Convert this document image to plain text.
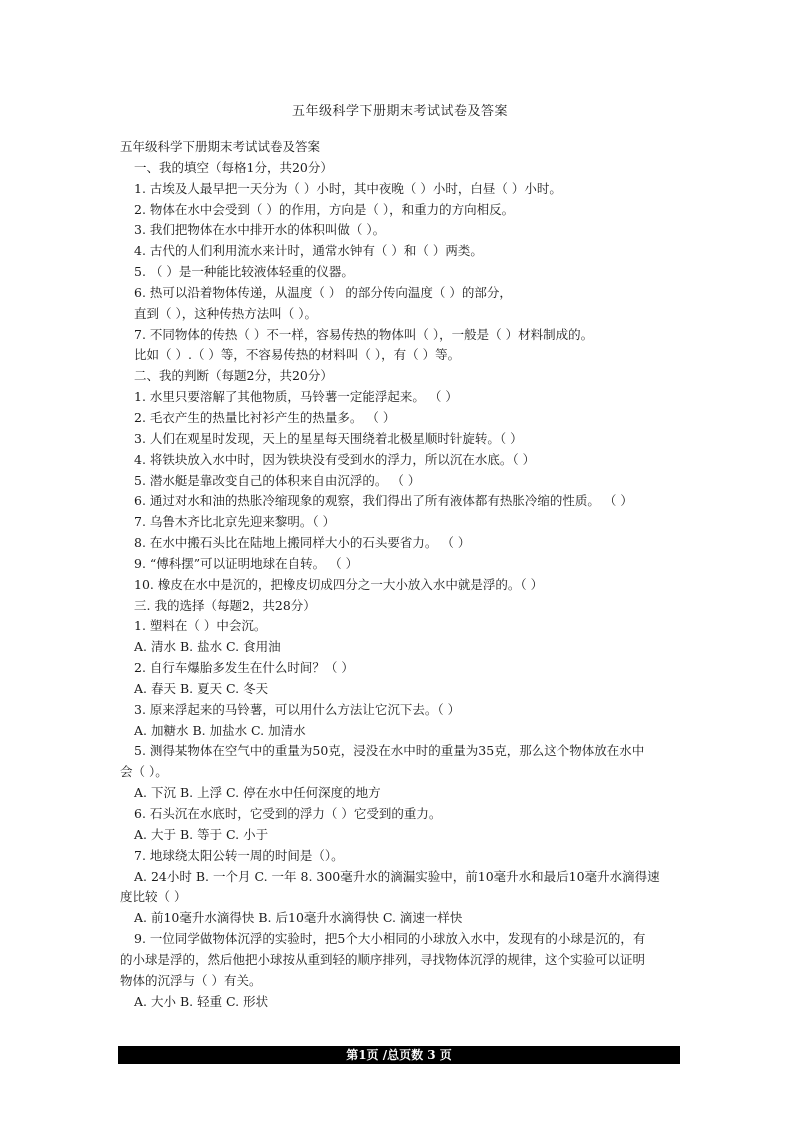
五年级科学下册期末考试试卷及答案
五年级科学下册期末考试试卷及答案
一、我的填空（每格1分，共20分）
1. 古埃及人最早把一天分为（ ）小时，其中夜晚（ ）小时，白昼（ ）小时。
2. 物体在水中会受到（ ）的作用，方向是（ ），和重力的方向相反。
3. 我们把物体在水中排开水的体积叫做（ ）。
4. 古代的人们利用流水来计时，通常水钟有（ ）和（ ）两类。
5. （ ）是一种能比较液体轻重的仪器。
6. 热可以沿着物体传递，从温度（ ） 的部分传向温度（ ）的部分，
直到（ ），这种传热方法叫（ ）。
7. 不同物体的传热（ ）不一样，容易传热的物体叫（ ），一般是（ ）材料制成的。
比如（ ）.（ ）等，不容易传热的材料叫（ ），有（ ）等。
二、我的判断（每题2分，共20分）
1. 水里只要溶解了其他物质，马铃薯一定能浮起来。 （ ）
2. 毛衣产生的热量比衬衫产生的热量多。 （ ）
3. 人们在观星时发现，天上的星星每天围绕着北极星顺时针旋转。（ ）
4. 将铁块放入水中时，因为铁块没有受到水的浮力，所以沉在水底。（ ）
5. 潜水艇是靠改变自己的体积来自由沉浮的。 （ ）
6. 通过对水和油的热胀冷缩现象的观察，我们得出了所有液体都有热胀冷缩的性质。 （ ）
7. 乌鲁木齐比北京先迎来黎明。（ ）
8. 在水中搬石头比在陆地上搬同样大小的石头要省力。 （ ）
9. “傅科摆”可以证明地球在自转。 （ ）
10. 橡皮在水中是沉的，把橡皮切成四分之一大小放入水中就是浮的。（ ）
三. 我的选择（每题2，共28分）
1. 塑料在（ ）中会沉。
A. 清水 B. 盐水 C. 食用油
2. 自行车爆胎多发生在什么时间？（ ）
A. 春天 B. 夏天 C. 冬天
3. 原来浮起来的马铃薯，可以用什么方法让它沉下去。（ ）
A. 加糖水 B. 加盐水 C. 加清水
5. 测得某物体在空气中的重量为50克，浸没在水中时的重量为35克，那么这个物体放在水中
会（ ）。
A. 下沉 B. 上浮 C. 停在水中任何深度的地方
6. 石头沉在水底时，它受到的浮力（ ）它受到的重力。
A. 大于 B. 等于 C. 小于
7. 地球绕太阳公转一周的时间是（）。
A. 24小时 B. 一个月 C. 一年 8. 300毫升水的滴漏实验中，前10毫升水和最后10毫升水滴得速
度比较（ ）
A. 前10毫升水滴得快 B. 后10毫升水滴得快 C. 滴速一样快
9. 一位同学做物体沉浮的实验时，把5个大小相同的小球放入水中，发现有的小球是沉的，有
的小球是浮的，然后他把小球按从重到轻的顺序排列，寻找物体沉浮的规律，这个实验可以证明
物体的沉浮与（ ）有关。
A. 大小 B. 轻重 C. 形状
第1页 /总页数 3 页
